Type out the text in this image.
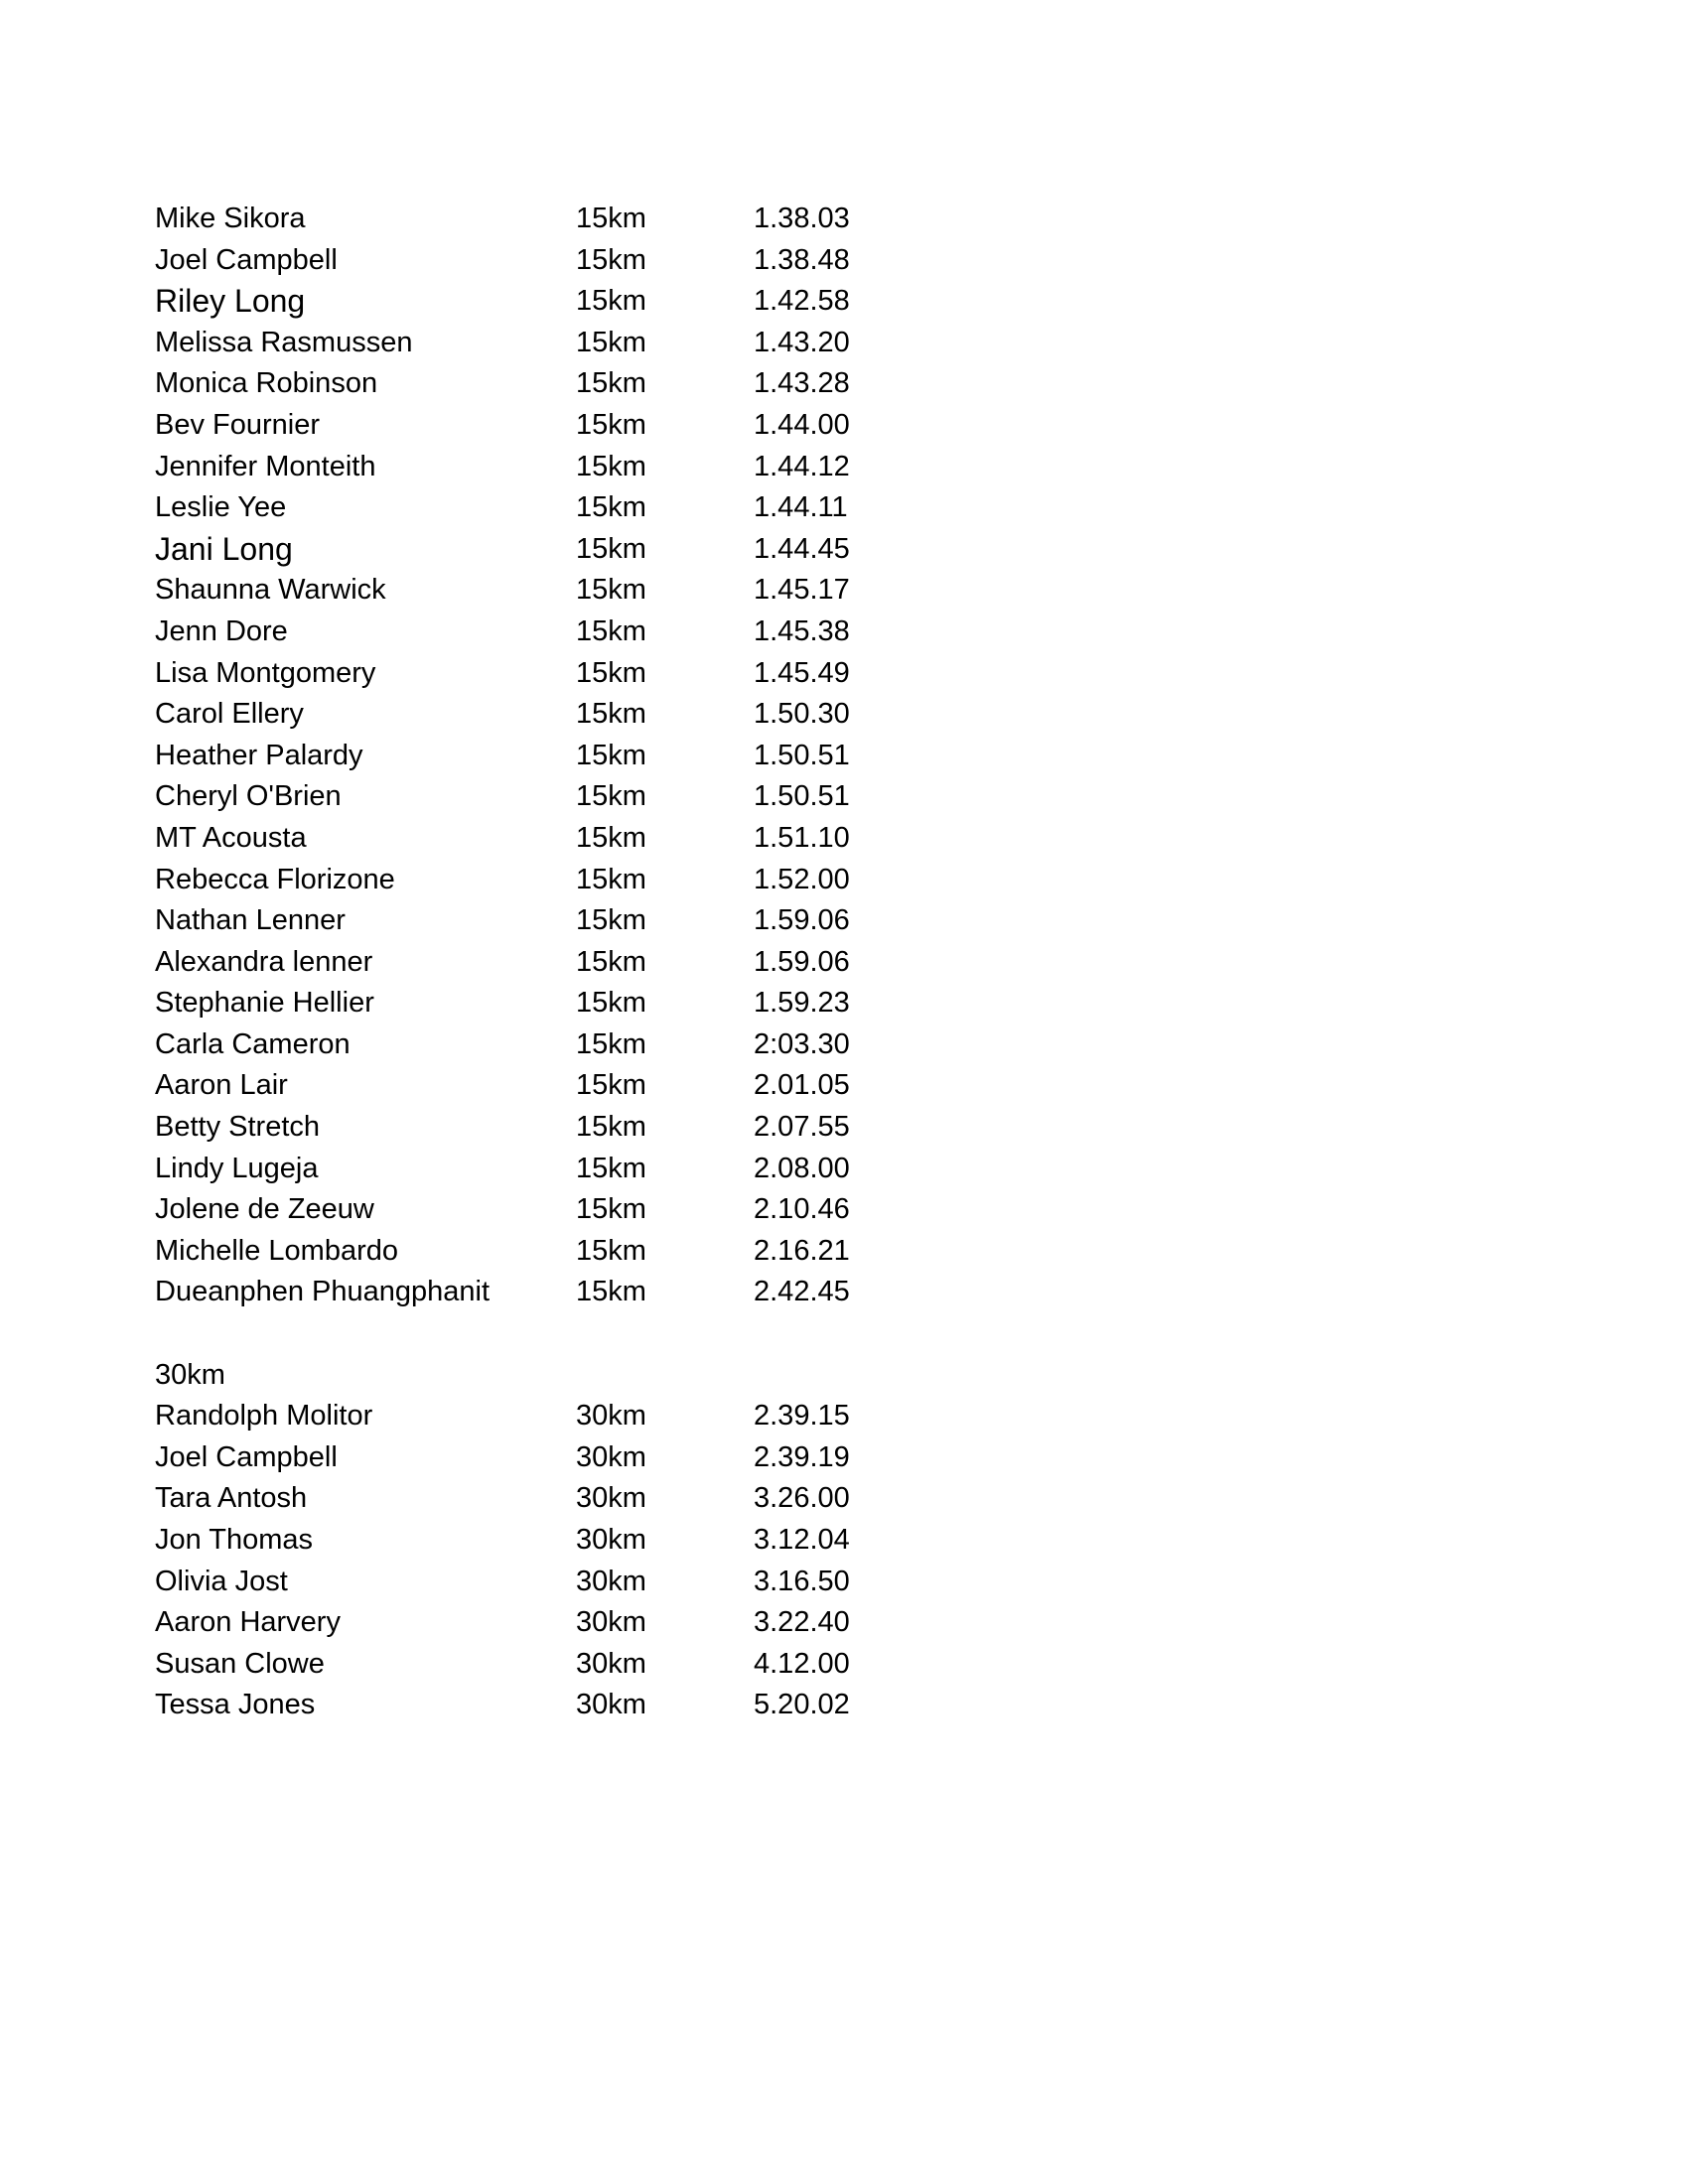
Mike Sikora	15km	1.38.03
Joel Campbell	15km	1.38.48
Riley Long	15km	1.42.58
Melissa Rasmussen	15km	1.43.20
Monica Robinson	15km	1.43.28
Bev Fournier	15km	1.44.00
Jennifer Monteith	15km	1.44.12
Leslie Yee	15km	1.44.11
Jani Long	15km	1.44.45
Shaunna Warwick	15km	1.45.17
Jenn Dore	15km	1.45.38
Lisa Montgomery	15km	1.45.49
Carol Ellery	15km	1.50.30
Heather Palardy	15km	1.50.51
Cheryl O'Brien	15km	1.50.51
MT Acousta	15km	1.51.10
Rebecca Florizone	15km	1.52.00
Nathan Lenner	15km	1.59.06
Alexandra lenner	15km	1.59.06
Stephanie Hellier	15km	1.59.23
Carla Cameron	15km	2:03.30
Aaron Lair	15km	2.01.05
Betty Stretch	15km	2.07.55
Lindy Lugeja	15km	2.08.00
Jolene de Zeeuw	15km	2.10.46
Michelle Lombardo	15km	2.16.21
Dueanphen Phuangphanit	15km	2.42.45
30km
Randolph Molitor	30km	2.39.15
Joel Campbell	30km	2.39.19
Tara Antosh	30km	3.26.00
Jon Thomas	30km	3.12.04
Olivia Jost	30km	3.16.50
Aaron Harvery	30km	3.22.40
Susan Clowe	30km	4.12.00
Tessa Jones	30km	5.20.02
